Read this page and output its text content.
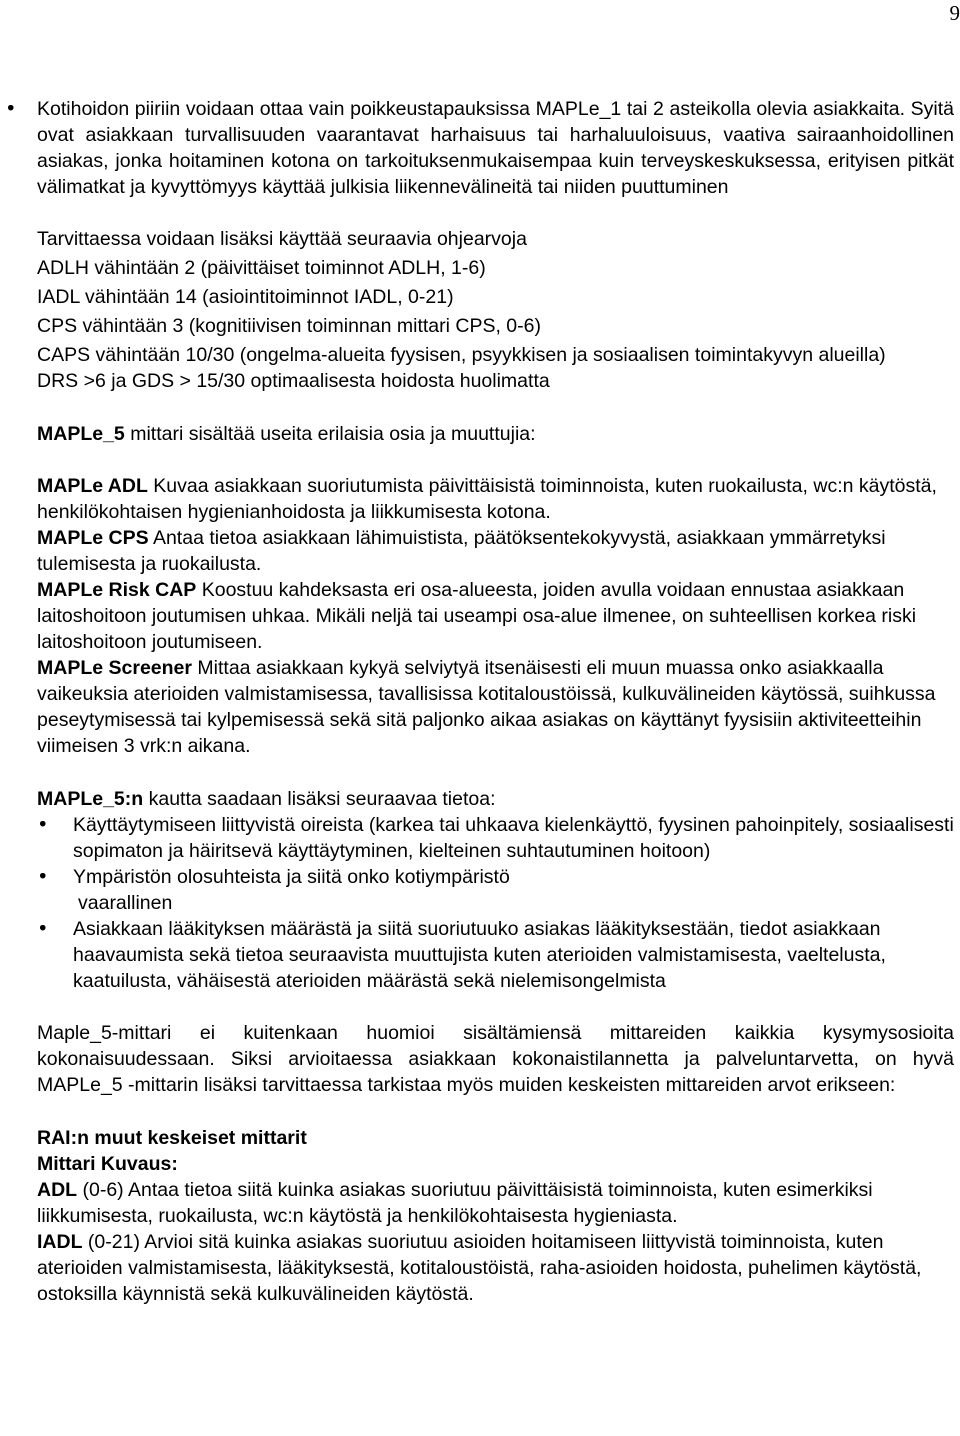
9

• Kotihoidon piiriin voidaan ottaa vain poikkeustapauksissa MAPLe_1 tai 2 asteikolla olevia asiakkaita. Syitä ovat asiakkaan turvallisuuden vaarantavat harhaisuus tai harhaluuloisuus, vaativa sairaanhoidollinen asiakas, jonka hoitaminen kotona on tarkoituksenmukaisempaa kuin terveyskeskuksessa, erityisen pitkät välimatkat ja kyvyttömyys käyttää julkisia liikennevälineitä tai niiden puuttuminen

Tarvittaessa voidaan lisäksi käyttää seuraavia ohjearvoja

ADLH vähintään 2 (päivittäiset toiminnot ADLH, 1-6)

IADL vähintään 14 (asiointitoiminnot IADL, 0-21)

CPS vähintään 3 (kognitiivisen toiminnan mittari CPS, 0-6)

CAPS vähintään 10/30 (ongelma-alueita fyysisen, psyykkisen ja sosiaalisen toimintakyvyn alueilla)

DRS >6 ja GDS > 15/30 optimaalisesta hoidosta huolimatta

MAPLe_5 mittari sisältää useita erilaisia osia ja muuttujia:

MAPLe ADL Kuvaa asiakkaan suoriutumista päivittäisistä toiminnoista, kuten ruokailusta, wc:n käytöstä, henkilökohtaisen hygienianhoidosta ja liikkumisesta kotona.

MAPLe CPS Antaa tietoa asiakkaan lähimuistista, päätöksentekokyvystä, asiakkaan ymmärretyksi tulemisesta ja ruokailusta.

MAPLe Risk CAP Koostuu kahdeksasta eri osa-alueesta, joiden avulla voidaan ennustaa asiakkaan laitoshoitoon joutumisen uhkaa. Mikäli neljä tai useampi osa-alue ilmenee, on suhteellisen korkea riski laitoshoitoon joutumiseen.

MAPLe Screener Mittaa asiakkaan kykyä selviytyä itsenäisesti eli muun muassa onko asiakkaalla vaikeuksia aterioiden valmistamisessa, tavallisissa kotitaloustöissä, kulkuvälineiden käytössä, suihkussa peseytymisessä tai kylpemisessä sekä sitä paljonko aikaa asiakas on käyttänyt fyysisiin aktiviteetteihin viimeisen 3 vrk:n aikana.

MAPLe_5:n kautta saadaan lisäksi seuraavaa tietoa:

• Käyttäytymiseen liittyvistä oireista (karkea tai uhkaava kielenkäyttö, fyysinen pahoinpitely, sosiaalisesti sopimaton ja häiritsevä käyttäytyminen, kielteinen suhtautuminen hoitoon)
• Ympäristön olosuhteista ja siitä onko kotiympäristö
vaarallinen
• Asiakkaan lääkityksen määrästä ja siitä suoriutuuko asiakas lääkityksestään, tiedot asiakkaan haavaumista sekä tietoa seuraavista muuttujista kuten aterioiden valmistamisesta, vaeltelusta, kaatuilusta, vähäisestä aterioiden määrästä sekä nielemisongelmista

Maple_5-mittari ei kuitenkaan huomioi sisältämiensä mittareiden kaikkia kysymysosioita kokonaisuudessaan. Siksi arvioitaessa asiakkaan kokonaistilannetta ja palveluntarvetta, on hyvä MAPLe_5 -mittarin lisäksi tarvittaessa tarkistaa myös muiden keskeisten mittareiden arvot erikseen:

RAI:n muut keskeiset mittarit

Mittari Kuvaus:

ADL (0-6) Antaa tietoa siitä kuinka asiakas suoriutuu päivittäisistä toiminnoista, kuten esimerkiksi liikkumisesta, ruokailusta, wc:n käytöstä ja henkilökohtaisesta hygieniasta.

IADL (0-21) Arvioi sitä kuinka asiakas suoriutuu asioiden hoitamiseen liittyvistä toiminnoista, kuten aterioiden valmistamisesta, lääkityksestä, kotitaloustöistä, raha-asioiden hoidosta, puhelimen käytöstä, ostoksilla käynnistä sekä kulkuvälineiden käytöstä.
